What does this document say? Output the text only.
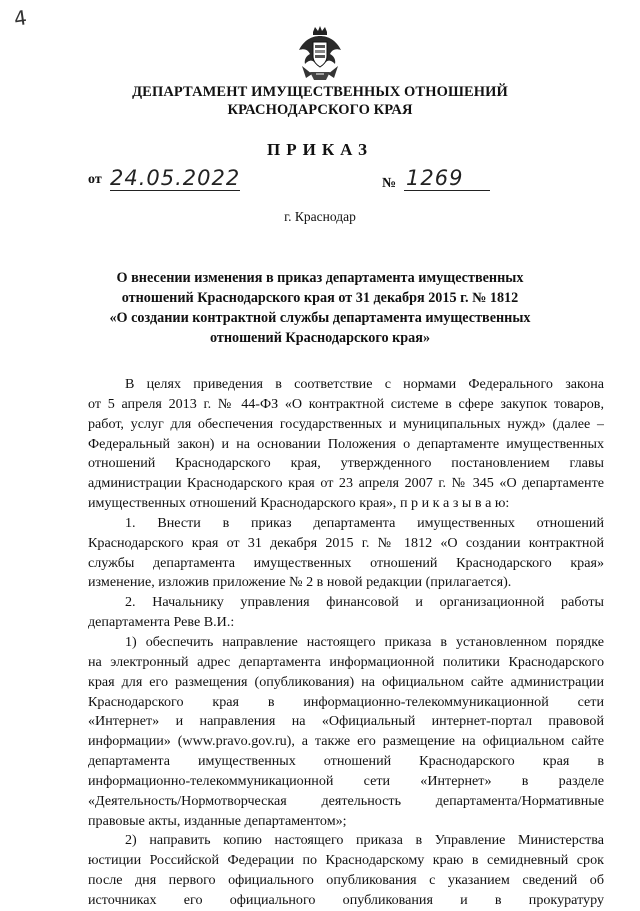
4
ДЕПАРТАМЕНТ ИМУЩЕСТВЕННЫХ ОТНОШЕНИЙ
КРАСНОДАРСКОГО КРАЯ
ПРИКАЗ
от 24.05.2022	№ 1269
г. Краснодар
О внесении изменения в приказ департамента имущественных
отношений Краснодарского края от 31 декабря 2015 г. № 1812
«О создании контрактной службы департамента имущественных
отношений Краснодарского края»
В целях приведения в соответствие с нормами Федерального закона
от 5 апреля 2013 г. № 44-ФЗ «О контрактной системе в сфере закупок товаров,
работ, услуг для обеспечения государственных и муниципальных нужд» (далее –
Федеральный закон) и на основании Положения о департаменте имущественных
отношений Краснодарского края, утвержденного постановлением главы
администрации Краснодарского края от 23 апреля 2007 г. № 345 «О департаменте
имущественных отношений Краснодарского края», п р и к а з ы в а ю:
1. Внести в приказ департамента имущественных отношений
Краснодарского края от 31 декабря 2015 г. № 1812 «О создании контрактной
службы департамента имущественных отношений Краснодарского края»
изменение, изложив приложение № 2 в новой редакции (прилагается).
2. Начальнику управления финансовой и организационной работы
департамента Реве В.И.:
1) обеспечить направление настоящего приказа в установленном порядке
на электронный адрес департамента информационной политики Краснодарского
края для его размещения (опубликования) на официальном сайте администрации
Краснодарского края в информационно-телекоммуникационной сети
«Интернет» и направления на «Официальный интернет-портал правовой
информации» (www.pravo.gov.ru), а также его размещение на официальном сайте
департамента имущественных отношений Краснодарского края в
информационно-телекоммуникационной сети «Интернет» в разделе
«Деятельность/Нормотворческая деятельность департамента/Нормативные
правовые акты, изданные департаментом»;
2) направить копию настоящего приказа в Управление Министерства
юстиции Российской Федерации по Краснодарскому краю в семидневный срок
после дня первого официального опубликования с указанием сведений об
источниках его официального опубликования и в прокуратуру
